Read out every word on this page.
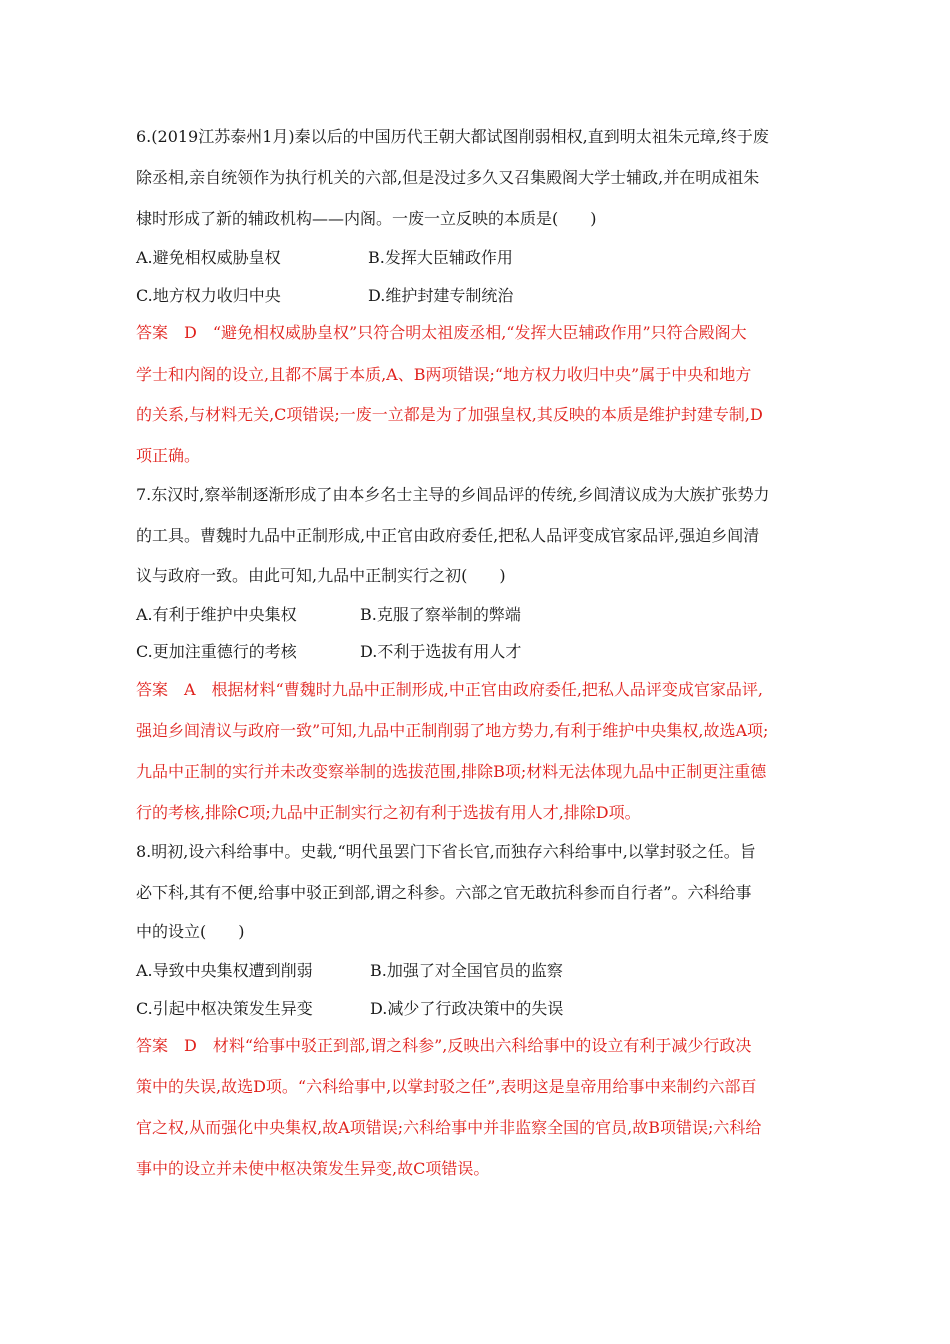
6.(2019江苏泰州1月)秦以后的中国历代王朝大都试图削弱相权,直到明太祖朱元璋,终于废
除丞相,亲自统领作为执行机关的六部,但是没过多久又召集殿阁大学士辅政,并在明成祖朱
棣时形成了新的辅政机构——内阁。一废一立反映的本质是(　　)
A.避免相权威胁皇权	B.发挥大臣辅政作用
C.地方权力收归中央	D.维护封建专制统治
答案　D　“避免相权威胁皇权”只符合明太祖废丞相,“发挥大臣辅政作用”只符合殿阁大
学士和内阁的设立,且都不属于本质,A、B两项错误;“地方权力收归中央”属于中央和地方
的关系,与材料无关,C项错误;一废一立都是为了加强皇权,其反映的本质是维护封建专制,D
项正确。
7.东汉时,察举制逐渐形成了由本乡名士主导的乡闾品评的传统,乡闾清议成为大族扩张势力
的工具。曹魏时九品中正制形成,中正官由政府委任,把私人品评变成官家品评,强迫乡闾清
议与政府一致。由此可知,九品中正制实行之初(　　)
A.有利于维护中央集权	B.克服了察举制的弊端
C.更加注重德行的考核	D.不利于选拔有用人才
答案　A　根据材料“曹魏时九品中正制形成,中正官由政府委任,把私人品评变成官家品评,
强迫乡闾清议与政府一致”可知,九品中正制削弱了地方势力,有利于维护中央集权,故选A项;
九品中正制的实行并未改变察举制的选拔范围,排除B项;材料无法体现九品中正制更注重德
行的考核,排除C项;九品中正制实行之初有利于选拔有用人才,排除D项。
8.明初,设六科给事中。史载,“明代虽罢门下省长官,而独存六科给事中,以掌封驳之任。旨
必下科,其有不便,给事中驳正到部,谓之科参。六部之官无敢抗科参而自行者”。六科给事
中的设立(　　)
A.导致中央集权遭到削弱	B.加强了对全国官员的监察
C.引起中枢决策发生异变	D.减少了行政决策中的失误
答案　D　材料“给事中驳正到部,谓之科参”,反映出六科给事中的设立有利于减少行政决
策中的失误,故选D项。“六科给事中,以掌封驳之任”,表明这是皇帝用给事中来制约六部百
官之权,从而强化中央集权,故A项错误;六科给事中并非监察全国的官员,故B项错误;六科给
事中的设立并未使中枢决策发生异变,故C项错误。
